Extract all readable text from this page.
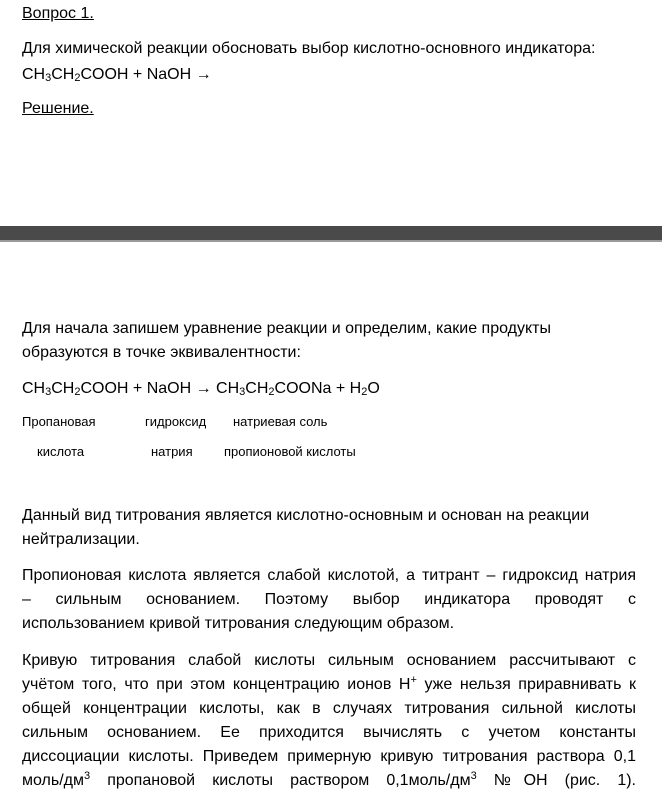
Вопрос 1.
Для химической реакции обосновать выбор кислотно-основного индикатора:
$CH_3CH_2COOH$ + NaOH →
Решение.
Для начала запишем уравнение реакции и определим, какие продукты
образуются в точке эквивалентности:
$CH_3CH_2COOH$ + NaOH → $CH_3CH_2COONa + H_2O$
Пропановая	гидроксид натриевая соль
кислота	натрия пропионовой кислоты
Данный вид титрования является кислотно-основным и основан на реакции
нейтрализации.
Пропионовая кислота является слабой кислотой, а титрант – гидроксид натрия
– сильным основанием. Поэтому выбор индикатора проводят с
использованием кривой титрования следующим образом.
Кривую титрования слабой кислоты сильным основанием рассчитывают с
учётом того, что при этом концентрацию ионов H+ уже нельзя приравнивать к
общей концентрации кислоты, как в случаях титрования сильной кислоты
сильным основанием. Ее приходится вычислять с учетом константы
диссоциации кислоты. Приведем примерную кривую титрования раствора 0,1
моль/$дм^3$ пропановой кислоты раствором $0,1моль/дм^3$ №ОН (рис. 1).
